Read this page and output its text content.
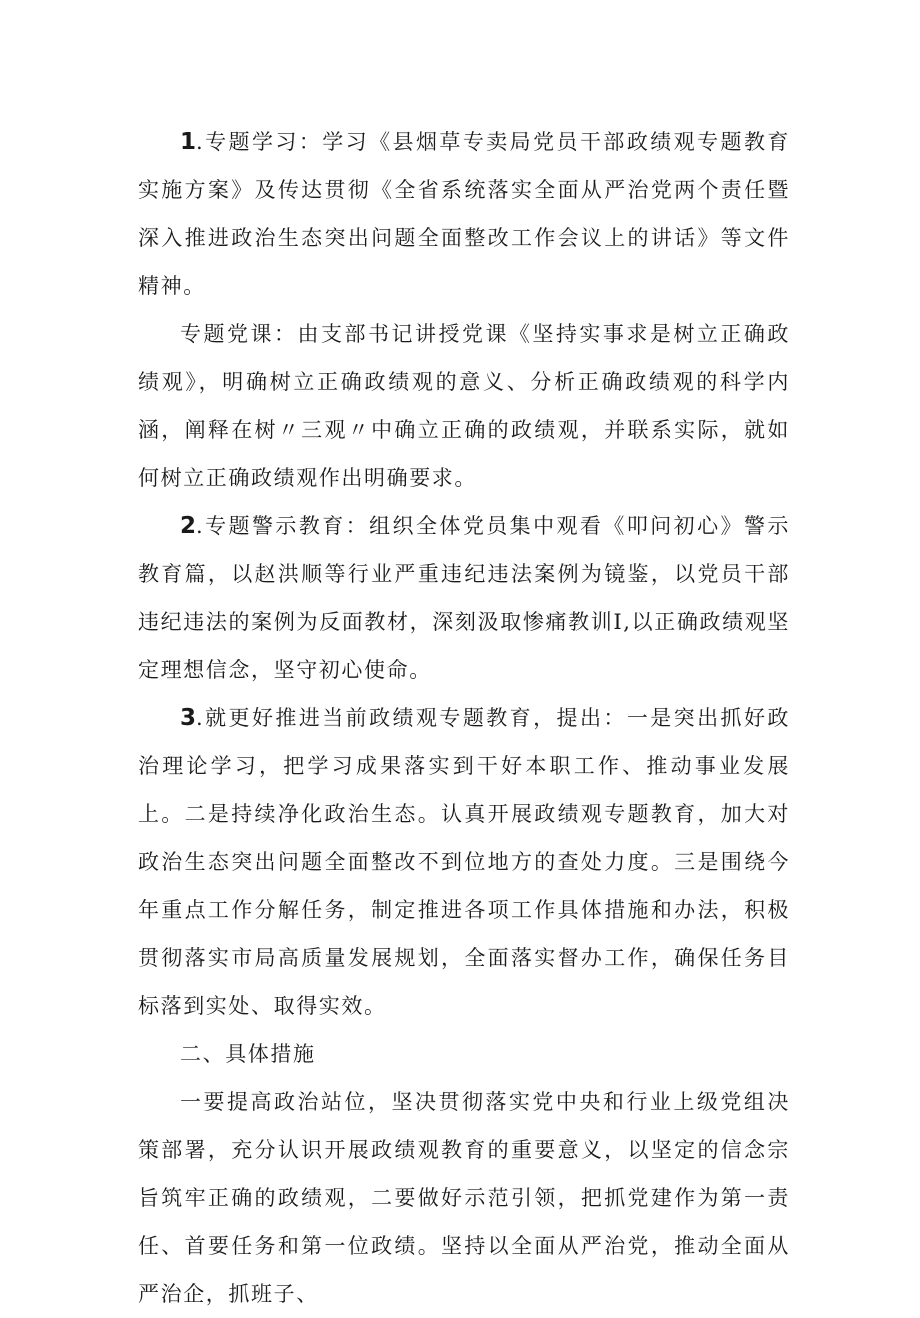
1.专题学习：学习《县烟草专卖局党员干部政绩观专题教育实施方案》及传达贯彻《全省系统落实全面从严治党两个责任暨深入推进政治生态突出问题全面整改工作会议上的讲话》等文件精神。

专题党课：由支部书记讲授党课《坚持实事求是树立正确政绩观》，明确树立正确政绩观的意义、分析正确政绩观的科学内涵，阐释在树〃三观〃中确立正确的政绩观，并联系实际，就如何树立正确政绩观作出明确要求。

2.专题警示教育：组织全体党员集中观看《叩问初心》警示教育篇，以赵洪顺等行业严重违纪违法案例为镜鉴，以党员干部违纪违法的案例为反面教材，深刻汲取惨痛教训I,以正确政绩观坚定理想信念，坚守初心使命。

3.就更好推进当前政绩观专题教育，提出：一是突出抓好政治理论学习，把学习成果落实到干好本职工作、推动事业发展上。二是持续净化政治生态。认真开展政绩观专题教育，加大对政治生态突出问题全面整改不到位地方的查处力度。三是围绕今年重点工作分解任务，制定推进各项工作具体措施和办法，积极贯彻落实市局高质量发展规划，全面落实督办工作，确保任务目标落到实处、取得实效。

二、具体措施

一要提高政治站位，坚决贯彻落实党中央和行业上级党组决策部署，充分认识开展政绩观教育的重要意义，以坚定的信念宗旨筑牢正确的政绩观，二要做好示范引领，把抓党建作为第一责任、首要任务和第一位政绩。坚持以全面从严治党，推动全面从严治企，抓班子、
